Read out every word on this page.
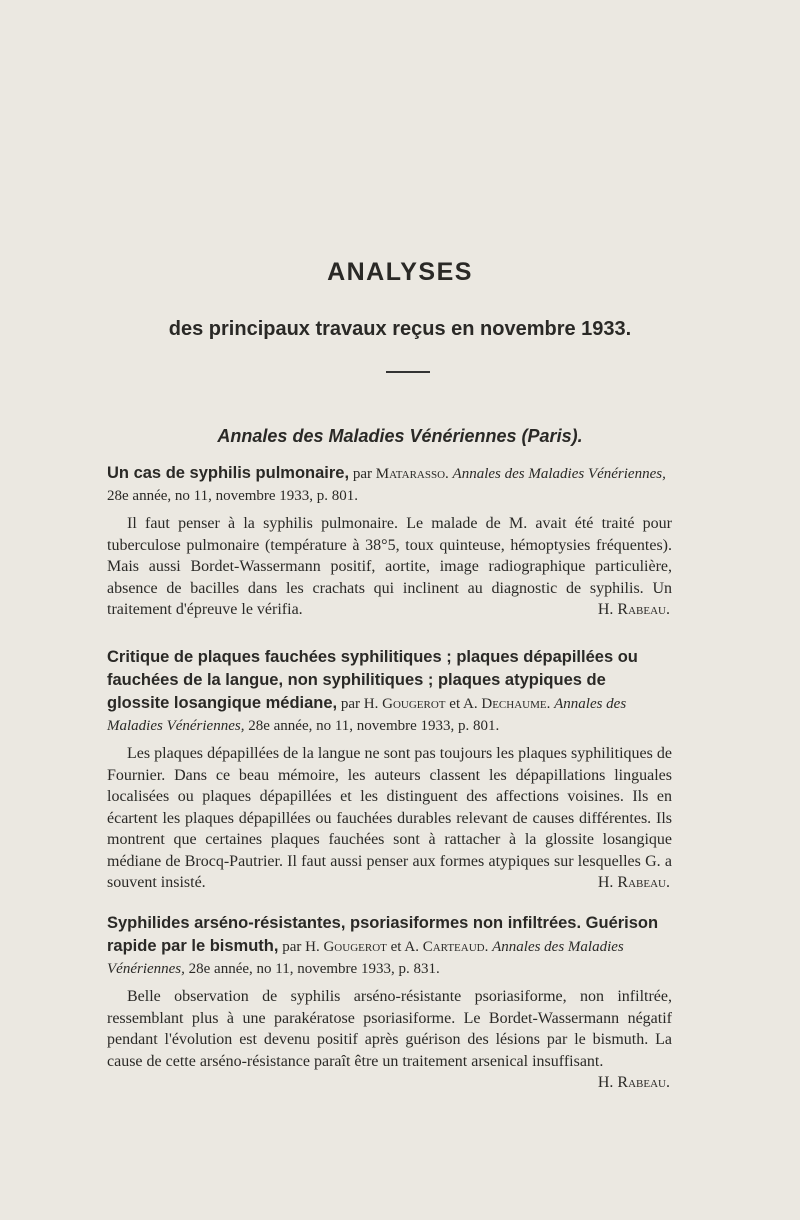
ANALYSES
des principaux travaux reçus en novembre 1933.
Annales des Maladies Vénériennes (Paris).
Un cas de syphilis pulmonaire, par Matarasso. Annales des Maladies Vénériennes, 28e année, no 11, novembre 1933, p. 801.

Il faut penser à la syphilis pulmonaire. Le malade de M. avait été traité pour tuberculose pulmonaire (température à 38°5, toux quinteuse, hémoptysies fréquentes). Mais aussi Bordet-Wassermann positif, aortite, image radiographique particulière, absence de bacilles dans les crachats qui inclinent au diagnostic de syphilis. Un traitement d'épreuve le vérifia.	H. Rabeau.

Critique de plaques fauchées syphilitiques ; plaques dépapillées ou fauchées de la langue, non syphilitiques ; plaques atypiques de glossite losangique médiane, par H. Gougerot et A. Dechaume. Annales des Maladies Vénériennes, 28e année, no 11, novembre 1933, p. 801.

Les plaques dépapillées de la langue ne sont pas toujours les plaques syphilitiques de Fournier. Dans ce beau mémoire, les auteurs classent les dépapillations linguales localisées ou plaques dépapillées et les distinguent des affections voisines. Ils en écartent les plaques dépapillées ou fauchées durables relevant de causes différentes. Ils montrent que certaines plaques fauchées sont à rattacher à la glossite losangique médiane de Brocq-Pautrier. Il faut aussi penser aux formes atypiques sur lesquelles G. a souvent insisté.	H. Rabeau.

Syphilides arséno-résistantes, psoriasiformes non infiltrées. Guérison rapide par le bismuth, par H. Gougerot et A. Carteaud. Annales des Maladies Vénériennes, 28e année, no 11, novembre 1933, p. 831.

Belle observation de syphilis arséno-résistante psoriasiforme, non infiltrée, ressemblant plus à une parakératose psoriasiforme. Le Bordet-Wassermann négatif pendant l'évolution est devenu positif après guérison des lésions par le bismuth. La cause de cette arséno-résistance paraît être un traitement arsenical insuffisant.
H. Rabeau.
